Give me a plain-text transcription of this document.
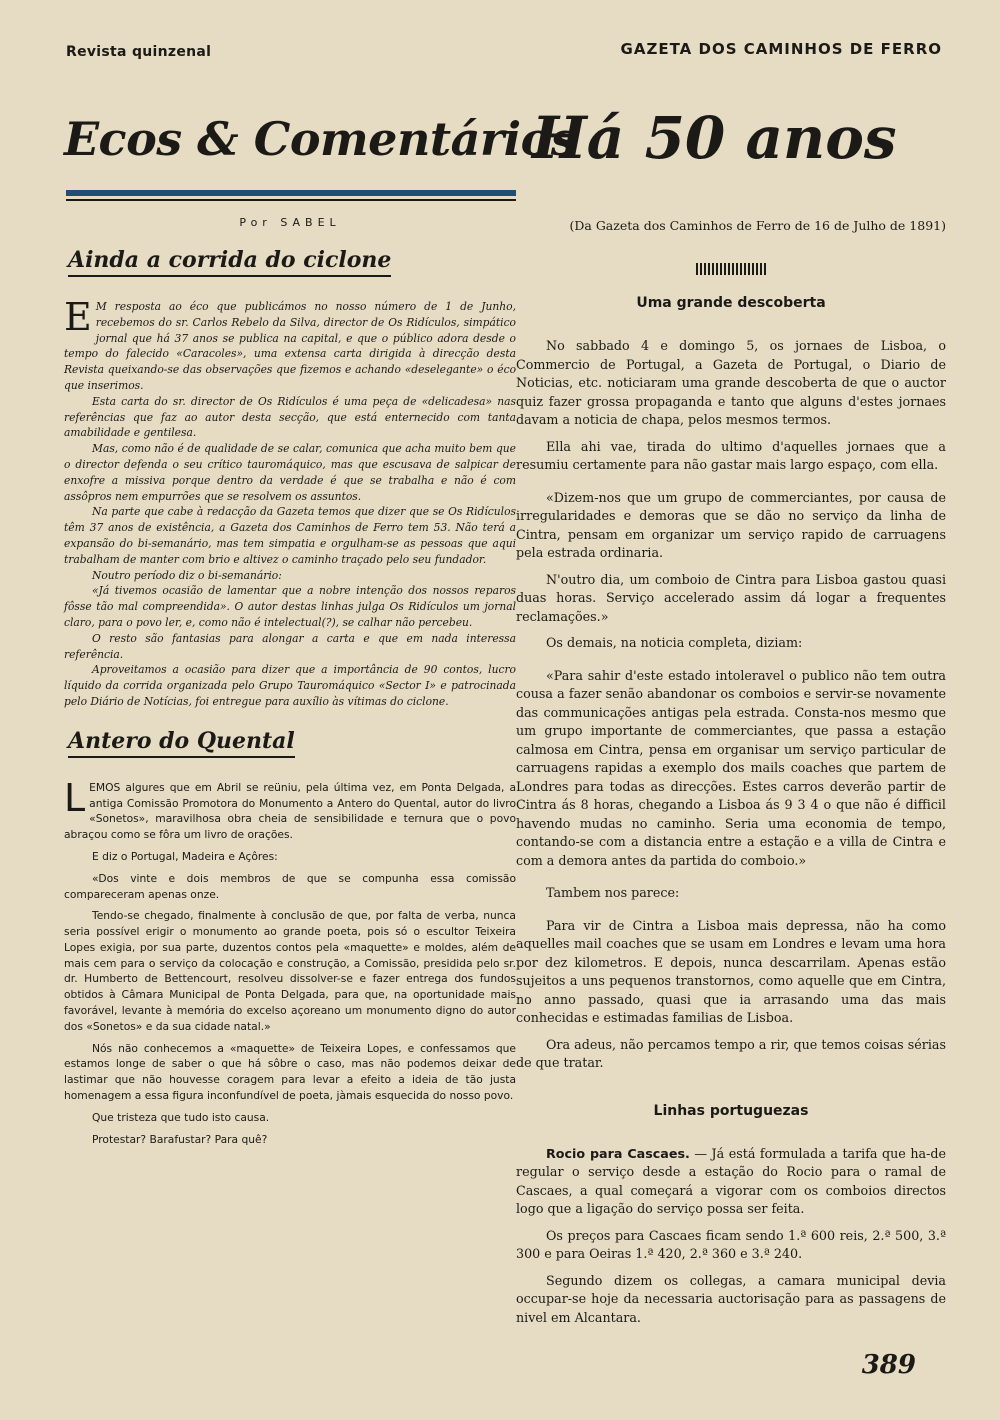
Revista quinzenal	GAZETA DOS CAMINHOS DE FERRO
Ecos & Comentários
Há 50 anos
Por SABEL
Ainda a corrida do ciclone

E M resposta ao éco que publicámos no nosso número de 1 de Junho, recebemos do sr. Carlos Rebelo da Silva, director de Os Ridículos, simpático jornal que há 37 anos se publica na capital, e que o público adora desde o tempo do falecido «Caracoles», uma extensa carta dirigida à direcção desta Revista queixando-se das observações que fizemos e achando «deselegante» o éco que inserimos.

Esta carta do sr. director de Os Ridículos é uma peça de «delicadesa» nas referências que faz ao autor desta secção, que está enternecido com tanta amabilidade e gentilesa.

Mas, como não é de qualidade de se calar, comunica que acha muito bem que o director defenda o seu crítico tauromáquico, mas que escusava de salpicar de enxofre a missiva porque dentro da verdade é que se trabalha e não é com assôpros nem empurrões que se resolvem os assuntos.

Na parte que cabe à redacção da Gazeta temos que dizer que se Os Ridículos têm 37 anos de existência, a Gazeta dos Caminhos de Ferro tem 53. Não terá a expansão do bi-semanário, mas tem simpatia e orgulham-se as pessoas que aqui trabalham de manter com brio e altivez o caminho traçado pelo seu fundador.

Noutro período diz o bi-semanário:

«Já tivemos ocasião de lamentar que a nobre intenção dos nossos reparos fôsse tão mal compreendida». O autor destas linhas julga Os Ridículos um jornal claro, para o povo ler, e, como não é intelectual(?), se calhar não percebeu.

O resto são fantasias para alongar a carta e que em nada interessa referência.

Aproveitamos a ocasião para dizer que a importância de 90 contos, lucro líquido da corrida organizada pelo Grupo Tauromáquico «Sector I» e patrocinada pelo Diário de Notícias, foi entregue para auxílio às vítimas do ciclone.

Antero do Quental

LEMOS algures que em Abril se reüniu, pela última vez, em Ponta Delgada, a antiga Comissão Promotora do Monumento a Antero do Quental, autor do livro «Sonetos», maravilhosa obra cheia de sensibilidade e ternura que o povo abraçou como se fôra um livro de orações.

E diz o Portugal, Madeira e Açôres:

«Dos vinte e dois membros de que se compunha essa comissão compareceram apenas onze.

Tendo-se chegado, finalmente à conclusão de que, por falta de verba, nunca seria possível erigir o monumento ao grande poeta, pois só o escultor Teixeira Lopes exigia, por sua parte, duzentos contos pela «maquette» e moldes, além de mais cem para o serviço da colocação e construção, a Comissão, presidida pelo sr. dr. Humberto de Bettencourt, resolveu dissolver-se e fazer entrega dos fundos obtidos à Câmara Municipal de Ponta Delgada, para que, na oportunidade mais favorável, levante à memória do excelso açoreano um monumento digno do autor dos «Sonetos» e da sua cidade natal.»

Nós não conhecemos a «maquette» de Teixeira Lopes, e confessamos que estamos longe de saber o que há sôbre o caso, mas não podemos deixar de lastimar que não houvesse coragem para levar a efeito a ideia de tão justa homenagem a essa figura inconfundível de poeta, jàmais esquecida do nosso povo.

Que tristeza que tudo isto causa.

Protestar? Barafustar? Para quê?

(Da Gazeta dos Caminhos de Ferro de 16 de Julho de 1891)

Uma grande descoberta

No sabbado 4 e domingo 5, os jornaes de Lisboa, o Commercio de Portugal, a Gazeta de Portugal, o Diario de Noticias, etc. noticiaram uma grande descoberta de que o auctor quiz fazer grossa propaganda e tanto que alguns d'estes jornaes davam a noticia de chapa, pelos mesmos termos.

Ella ahi vae, tirada do ultimo d'aquelles jornaes que a resumiu certamente para não gastar mais largo espaço, com ella.

«Dizem-nos que um grupo de commerciantes, por causa de irregularidades e demoras que se dão no serviço da linha de Cintra, pensam em organizar um serviço rapido de carruagens pela estrada ordinaria.

N'outro dia, um comboio de Cintra para Lisboa gastou quasi duas horas. Serviço accelerado assim dá logar a frequentes reclamações.»

Os demais, na noticia completa, diziam:

«Para sahir d'este estado intoleravel o publico não tem outra cousa a fazer senão abandonar os comboios e servir-se novamente das communicações antigas pela estrada. Consta-nos mesmo que um grupo importante de commerciantes, que passa a estação calmosa em Cintra, pensa em organisar um serviço particular de carruagens rapidas a exemplo dos mails coaches que partem de Londres para todas as direcções. Estes carros deverão partir de Cintra ás 8 horas, chegando a Lisboa ás 9 3 4 o que não é difficil havendo mudas no caminho. Seria uma economia de tempo, contando-se com a distancia entre a estação e a villa de Cintra e com a demora antes da partida do comboio.»

Tambem nos parece:

Para vir de Cintra a Lisboa mais depressa, não ha como aquelles mail coaches que se usam em Londres e levam uma hora por dez kilometros. E depois, nunca descarrilam. Apenas estão sujeitos a uns pequenos transtornos, como aquelle que em Cintra, no anno passado, quasi que ia arrasando uma das mais conhecidas e estimadas familias de Lisboa.

Ora adeus, não percamos tempo a rir, que temos coisas sérias de que tratar.

Linhas portuguezas

Rocio para Cascaes. — Já está formulada a tarifa que ha-de regular o serviço desde a estação do Rocio para o ramal de Cascaes, a qual começará a vigorar com os comboios directos logo que a ligação do serviço possa ser feita.

Os preços para Cascaes ficam sendo 1.ª 600 reis, 2.ª 500, 3.ª 300 e para Oeiras 1.ª 420, 2.ª 360 e 3.ª 240.

Segundo dizem os collegas, a camara municipal devia occupar-se hoje da necessaria auctorisação para as passagens de nivel em Alcantara.

389
